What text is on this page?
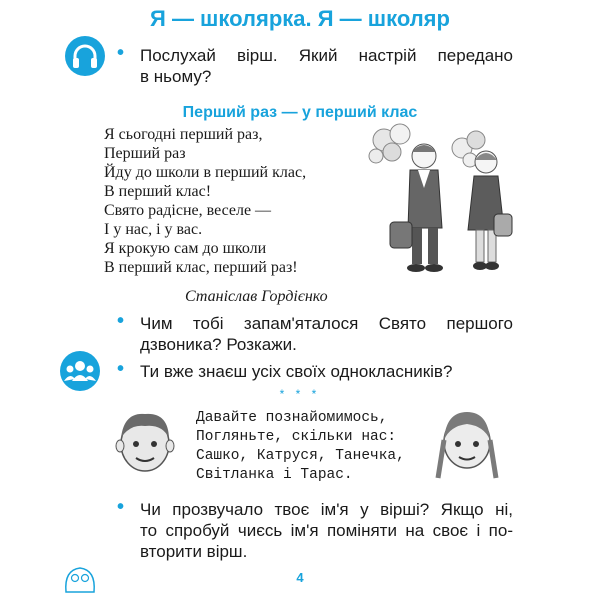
Я — школярка. Я — школяр
• Послухай вірш. Який настрій передано
в ньому?
Перший раз — у перший клас
Я сьогодні перший раз,
Перший раз
Йду до школи в перший клас,
В перший клас!
Свято радісне, веселе —
І у нас, і у вас.
Я крокую сам до школи
В перший клас, перший раз!
Станіслав Гордієнко
• Чим тобі запам'яталося Свято першого
дзвоника? Розкажи.
• Ти вже знаєш усіх своїх однокласників?
* * *
Давайте познайомимось,
Погляньте, скільки нас:
Сашко, Катруся, Танечка,
Світланка і Тарас.
• Чи прозвучало твоє ім'я у вірші? Якщо ні,
то спробуй чиєсь ім'я поміняти на своє і по-
вторити вірш.
4
